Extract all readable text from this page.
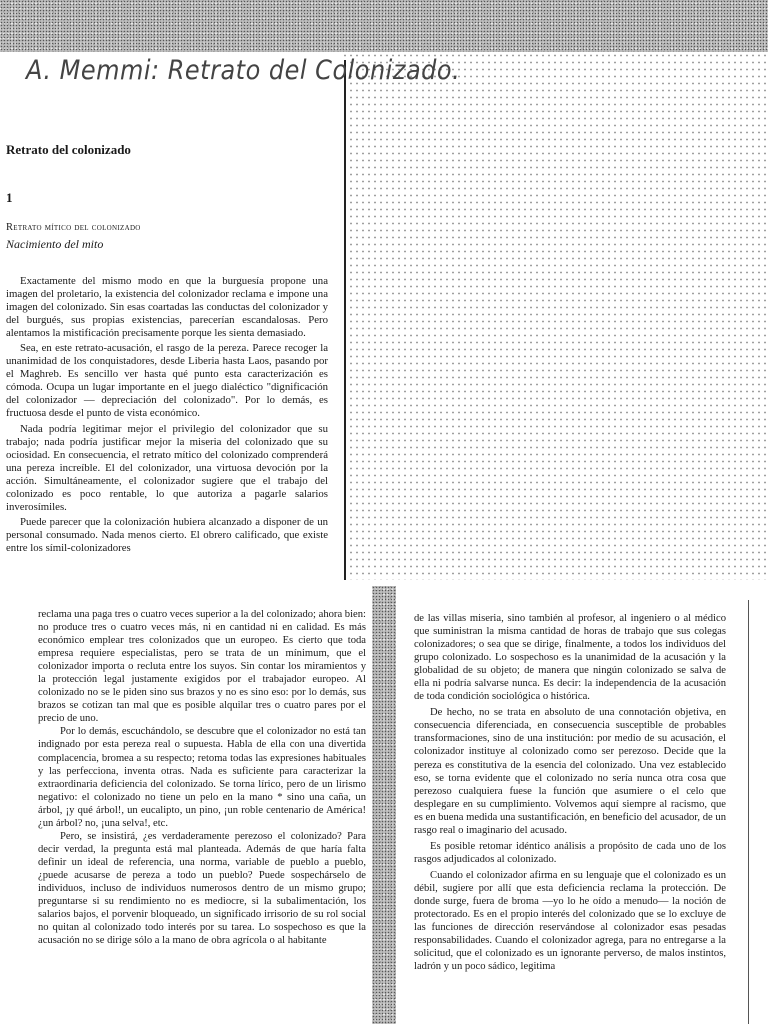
Retrato del colonizado
1
Retrato mítico del colonizado
Nacimiento del mito

Exactamente del mismo modo en que la burguesía propone una imagen del proletario, la existencia del colonizador reclama e impone una imagen del colonizado. Sin esas coartadas las conductas del colonizador y del burgués, sus propias existencias, parecerían escandalosas. Pero alentamos la mistificación precisamente porque les sienta demasiado.

Sea, en este retrato-acusación, el rasgo de la pereza. Parece recoger la unanimidad de los conquistadores, desde Liberia hasta Laos, pasando por el Maghreb. Es sencillo ver hasta qué punto esta caracterización es cómoda. Ocupa un lugar importante en el juego dialéctico "dignificación del colonizador — depreciación del colonizado". Por lo demás, es fructuosa desde el punto de vista económico.

Nada podría legitimar mejor el privilegio del colonizador que su trabajo; nada podría justificar mejor la miseria del colonizado que su ociosidad. En consecuencia, el retrato mítico del colonizado comprenderá una pereza increíble. El del colonizador, una virtuosa devoción por la acción. Simultáneamente, el colonizador sugiere que el trabajo del colonizado es poco rentable, lo que autoriza a pagarle salarios inverosímiles.

Puede parecer que la colonización hubiera alcanzado a disponer de un personal consumado. Nada menos cierto. El obrero calificado, que existe entre los símil-colonizadores

A. Memmi: Retrato del Colonizado.

reclama una paga tres o cuatro veces superior a la del colonizado; ahora bien: no produce tres o cuatro veces más, ni en cantidad ni en calidad. Es más económico emplear tres colonizados que un europeo. Es cierto que toda empresa requiere especialistas, pero se trata de un mínimum, que el colonizador importa o recluta entre los suyos. Sin contar los miramientos y la protección legal justamente exigidos por el trabajador europeo. Al colonizado no se le piden sino sus brazos y no es sino eso: por lo demás, sus brazos se cotizan tan mal que es posible alquilar tres o cuatro pares por el precio de uno.

Por lo demás, escuchándolo, se descubre que el colonizador no está tan indignado por esta pereza real o supuesta. Habla de ella con una divertida complacencia, bromea a su respecto; retoma todas las expresiones habituales y las perfecciona, inventa otras. Nada es suficiente para caracterizar la extraordinaria deficiencia del colonizado. Se torna lírico, pero de un lirismo negativo: el colonizado no tiene un pelo en la mano * sino una caña, un árbol, ¡y qué árbol!, un eucalipto, un pino, ¡un roble centenario de América! ¿un árbol? no, ¡una selva!, etc.

Pero, se insistirá, ¿es verdaderamente perezoso el colonizado? Para decir verdad, la pregunta está mal planteada. Además de que haría falta definir un ideal de referencia, una norma, variable de pueblo a pueblo, ¿puede acusarse de pereza a todo un pueblo? Puede sospechárselo de individuos, incluso de individuos numerosos dentro de un mismo grupo; preguntarse si su rendimiento no es mediocre, si la subalimentación, los salarios bajos, el porvenir bloqueado, un significado irrisorio de su rol social no quitan al colonizado todo interés por su tarea. Lo sospechoso es que la acusación no se dirige sólo a la mano de obra agrícola o al habitante

de las villas miseria, sino también al profesor, al ingeniero o al médico que suministran la misma cantidad de horas de trabajo que sus colegas colonizadores; o sea que se dirige, finalmente, a todos los individuos del grupo colonizado. Lo sospechoso es la unanimidad de la acusación y la globalidad de su objeto; de manera que ningún colonizado se salva de ella ni podría salvarse nunca. Es decir: la independencia de la acusación de toda condición sociológica o histórica.

De hecho, no se trata en absoluto de una connotación objetiva, en consecuencia diferenciada, en consecuencia susceptible de probables transformaciones, sino de una institución: por medio de su acusación, el colonizador instituye al colonizado como ser perezoso. Decide que la pereza es constitutiva de la esencia del colonizado. Una vez establecido eso, se torna evidente que el colonizado no sería nunca otra cosa que perezoso cualquiera fuese la función que asumiere o el celo que desplegare en su cumplimiento. Volvemos aquí siempre al racismo, que es en buena medida una sustantificación, en beneficio del acusador, de un rasgo real o imaginario del acusado.

Es posible retomar idéntico análisis a propósito de cada uno de los rasgos adjudicados al colonizado.

Cuando el colonizador afirma en su lenguaje que el colonizado es un débil, sugiere por allí que esta deficiencia reclama la protección. De donde surge, fuera de broma —yo lo he oído a menudo— la noción de protectorado. Es en el propio interés del colonizado que se lo excluye de las funciones de dirección reservándose al colonizador esas pesadas responsabilidades. Cuando el colonizador agrega, para no entregarse a la solicitud, que el colonizado es un ignorante perverso, de malos instintos, ladrón y un poco sádico, legitima
